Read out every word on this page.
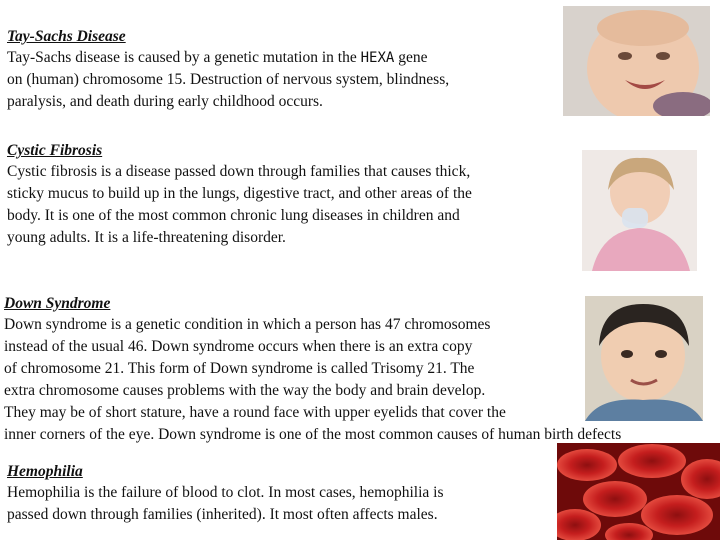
Tay-Sachs Disease
Tay-Sachs disease is caused by a genetic mutation in the HEXA gene
on (human) chromosome 15. Destruction of nervous system, blindness,
paralysis, and death during early childhood occurs.
Cystic Fibrosis
Cystic fibrosis is a disease passed down through families that causes thick,
sticky mucus to build up in the lungs, digestive tract, and other areas of the
body. It is one of the most common chronic lung diseases in children and
young adults. It is a life-threatening disorder.
Down Syndrome
Down syndrome is a genetic condition in which a person has 47 chromosomes
instead of the usual 46. Down syndrome occurs when there is an extra copy
of chromosome 21. This form of Down syndrome is called Trisomy 21. The
extra chromosome causes problems with the way the body and brain develop.
They may be of short stature, have a round face with upper eyelids that cover the
inner corners of the eye. Down syndrome is one of the most common causes of human birth defects
Hemophilia
Hemophilia is the failure of blood to clot. In most cases, hemophilia is
passed down through families (inherited). It most often affects males.
